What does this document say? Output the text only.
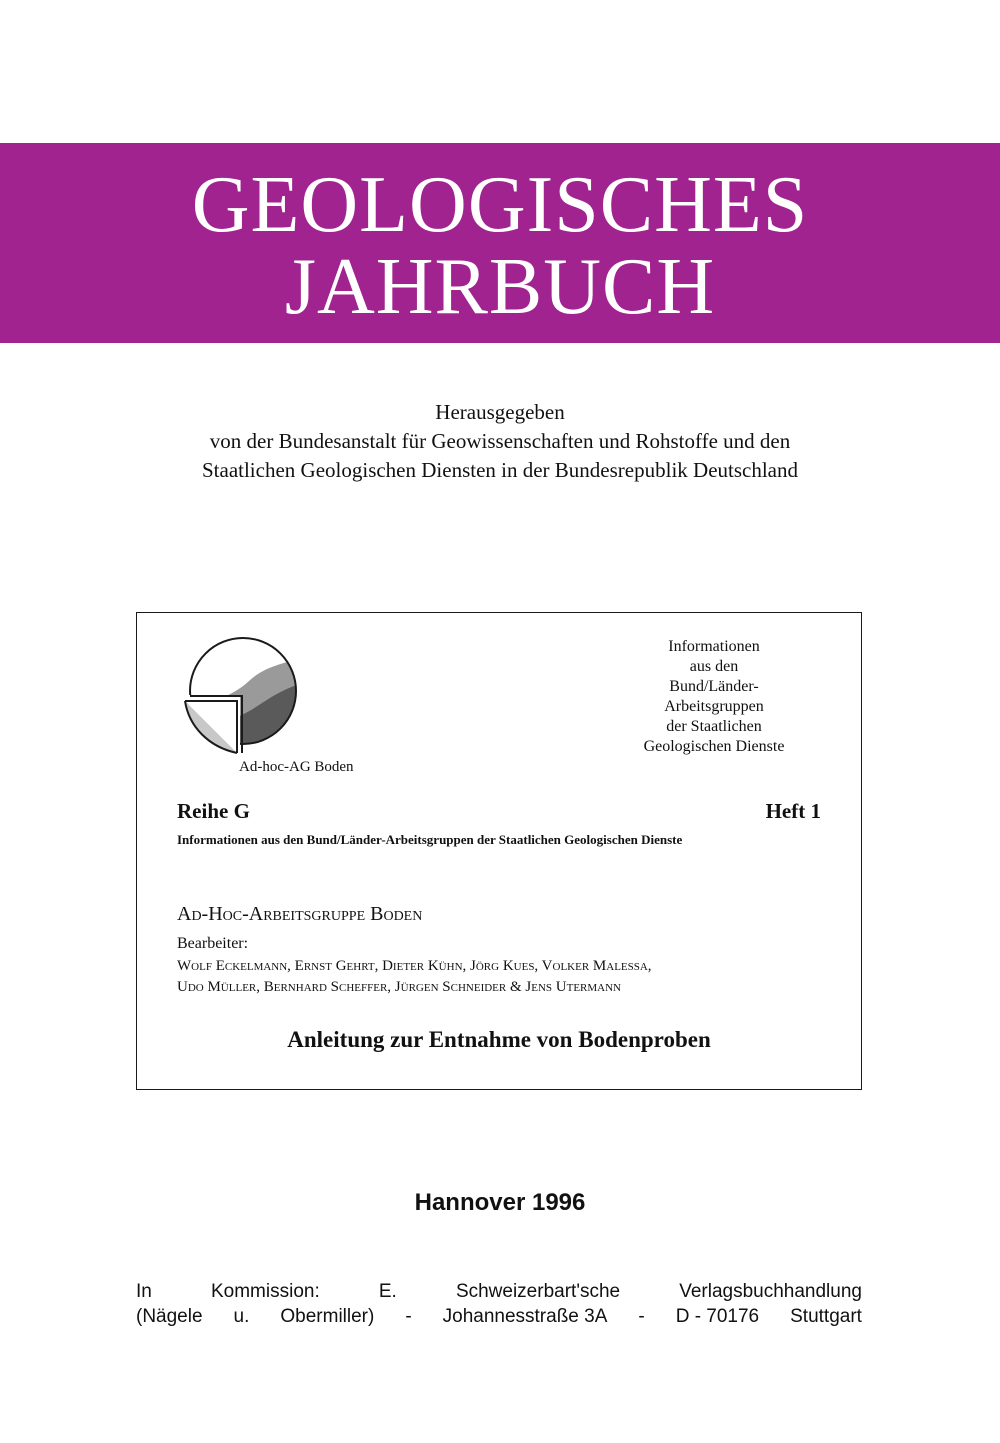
GEOLOGISCHES
JAHRBUCH
Herausgegeben
von der Bundesanstalt für Geowissenschaften und Rohstoffe und den
Staatlichen Geologischen Diensten in der Bundesrepublik Deutschland
Ad-hoc-AG Boden
Informationen
aus den
Bund/Länder-
Arbeitsgruppen
der Staatlichen
Geologischen Dienste
Reihe G	Heft 1
Informationen aus den Bund/Länder-Arbeitsgruppen der Staatlichen Geologischen Dienste
Ad-Hoc-Arbeitsgruppe Boden
Bearbeiter:
Wolf Eckelmann, Ernst Gehrt, Dieter Kühn, Jörg Kues, Volker Malessa,
Udo Müller, Bernhard Scheffer, Jürgen Schneider & Jens Utermann
Anleitung zur Entnahme von Bodenproben
Hannover 1996
In	Kommission:	E.	Schweizerbart'sche	Verlagsbuchhandlung
(Nägele u. Obermiller) - Johannesstraße 3A - D - 70176 Stuttgart
